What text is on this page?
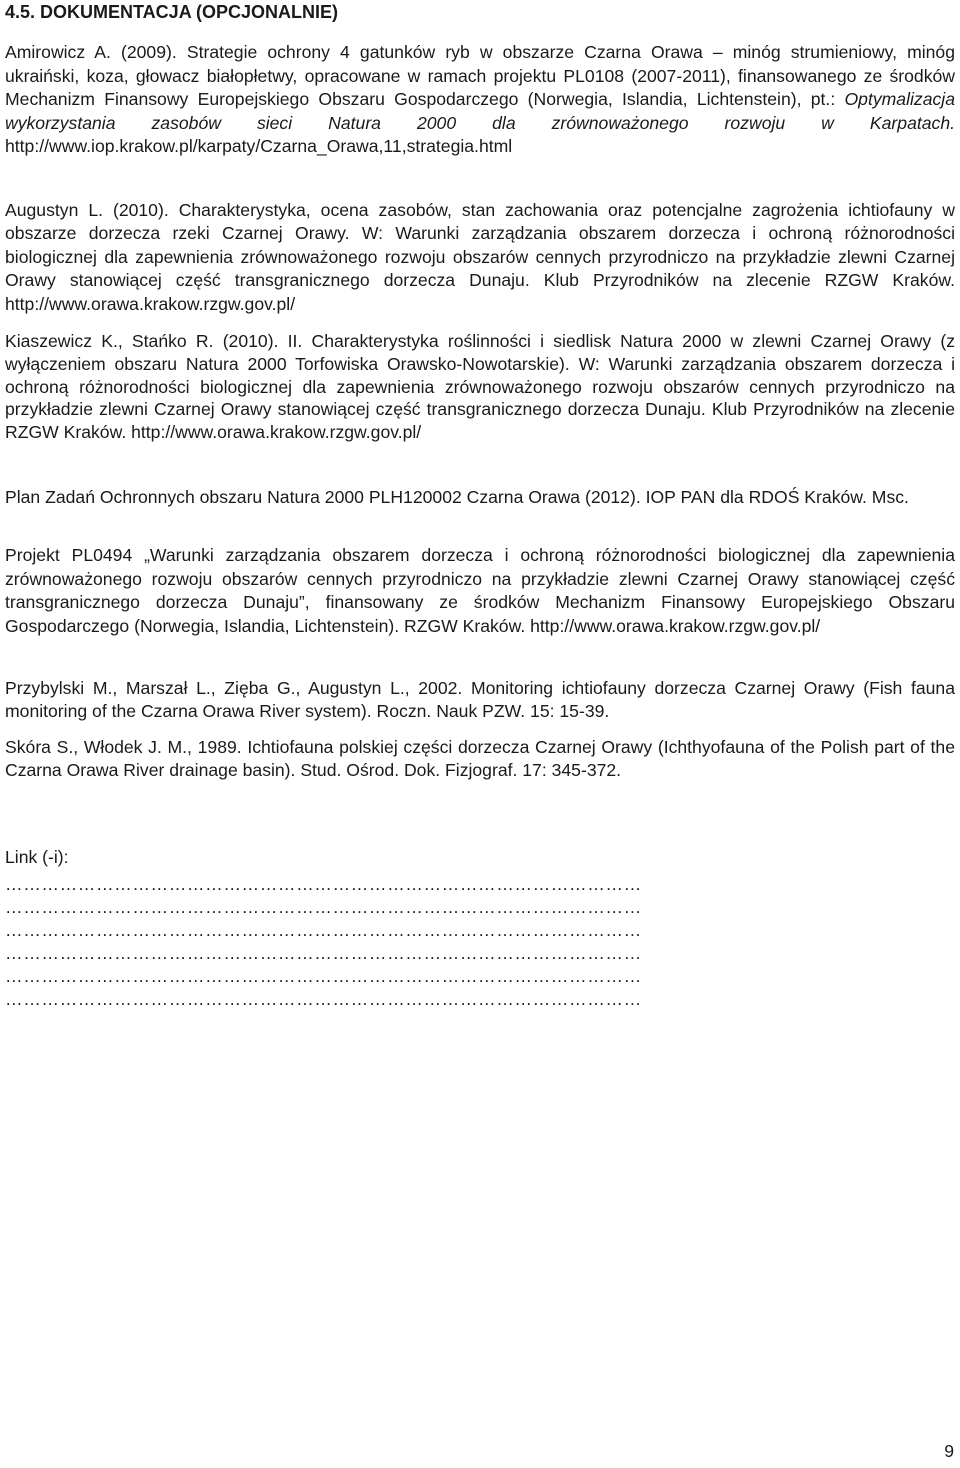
4.5. DOKUMENTACJA (OPCJONALNIE)

Amirowicz A. (2009). Strategie ochrony 4 gatunków ryb w obszarze Czarna Orawa – minóg strumieniowy, minóg ukraiński, koza, głowacz białopłetwy, opracowane w ramach projektu PL0108 (2007-2011), finansowanego ze środków Mechanizm Finansowy Europejskiego Obszaru Gospodarczego (Norwegia, Islandia, Lichtenstein), pt.: Optymalizacja wykorzystania zasobów sieci Natura 2000 dla zrównoważonego rozwoju w Karpatach. http://www.iop.krakow.pl/karpaty/Czarna_Orawa,11,strategia.html

Augustyn L. (2010). Charakterystyka, ocena zasobów, stan zachowania oraz potencjalne zagrożenia ichtiofauny w obszarze dorzecza rzeki Czarnej Orawy. W: Warunki zarządzania obszarem dorzecza i ochroną różnorodności biologicznej dla zapewnienia zrównoważonego rozwoju obszarów cennych przyrodniczo na przykładzie zlewni Czarnej Orawy stanowiącej część transgranicznego dorzecza Dunaju. Klub Przyrodników na zlecenie RZGW Kraków. http://www.orawa.krakow.rzgw.gov.pl/

Kiaszewicz K., Stańko R. (2010). II. Charakterystyka roślinności i siedlisk Natura 2000 w zlewni Czarnej Orawy (z wyłączeniem obszaru Natura 2000 Torfowiska Orawsko-Nowotarskie). W: Warunki zarządzania obszarem dorzecza i ochroną różnorodności biologicznej dla zapewnienia zrównoważonego rozwoju obszarów cennych przyrodniczo na przykładzie zlewni Czarnej Orawy stanowiącej część transgranicznego dorzecza Dunaju. Klub Przyrodników na zlecenie RZGW Kraków. http://www.orawa.krakow.rzgw.gov.pl/

Plan Zadań Ochronnych obszaru Natura 2000 PLH120002 Czarna Orawa (2012). IOP PAN dla RDOŚ Kraków. Msc.

Projekt PL0494 „Warunki zarządzania obszarem dorzecza i ochroną różnorodności biologicznej dla zapewnienia zrównoważonego rozwoju obszarów cennych przyrodniczo na przykładzie zlewni Czarnej Orawy stanowiącej część transgranicznego dorzecza Dunaju”, finansowany ze środków Mechanizm Finansowy Europejskiego Obszaru Gospodarczego (Norwegia, Islandia, Lichtenstein). RZGW Kraków. http://www.orawa.krakow.rzgw.gov.pl/

Przybylski M., Marszał L., Zięba G., Augustyn L., 2002. Monitoring ichtiofauny dorzecza Czarnej Orawy (Fish fauna monitoring of the Czarna Orawa River system). Roczn. Nauk PZW. 15: 15-39.

Skóra S., Włodek J. M., 1989. Ichtiofauna polskiej części dorzecza Czarnej Orawy (Ichthyofauna of the Polish part of the Czarna Orawa River drainage basin). Stud. Ośrod. Dok. Fizjograf. 17: 345-372.

Link (-i):
……………………………………………………………………………………………
……………………………………………………………………………………………
……………………………………………………………………………………………
……………………………………………………………………………………………
……………………………………………………………………………………………
……………………………………………………………………………………………
9
